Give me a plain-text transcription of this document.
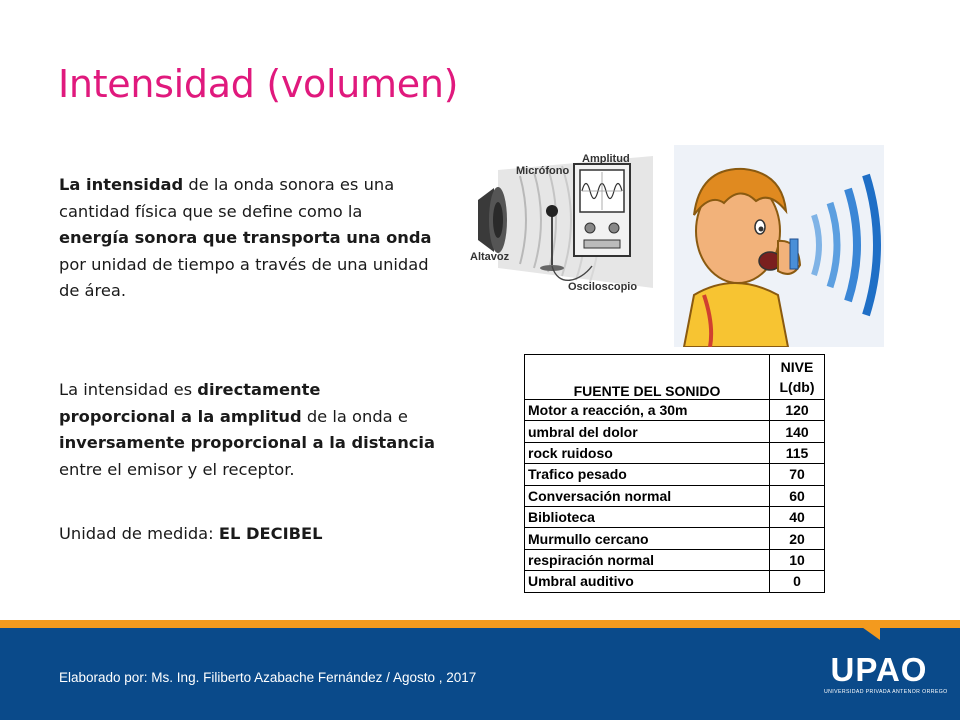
Intensidad (volumen)
La intensidad de la onda sonora es una cantidad física que se define como la energía sonora que transporta una onda por unidad de tiempo a través de una unidad de área.
La intensidad es directamente proporcional a la amplitud de la onda e inversamente proporcional a la distancia entre el emisor y el receptor.
Unidad de medida: EL DECIBEL
Altavoz
Micrófono
Amplitud
Osciloscopio
FUENTE DEL SONIDO	NIVE
L(db)

Motor a reacción, a 30m	120
umbral del dolor	140
rock ruidoso	115
Trafico pesado	70
Conversación normal	60
Biblioteca	40
Murmullo cercano	20
respiración normal	10
Umbral auditivo	0
Elaborado por: Ms. Ing. Filiberto Azabache Fernández / Agosto , 2017	UPAO
UNIVERSIDAD PRIVADA ANTENOR ORREGO
